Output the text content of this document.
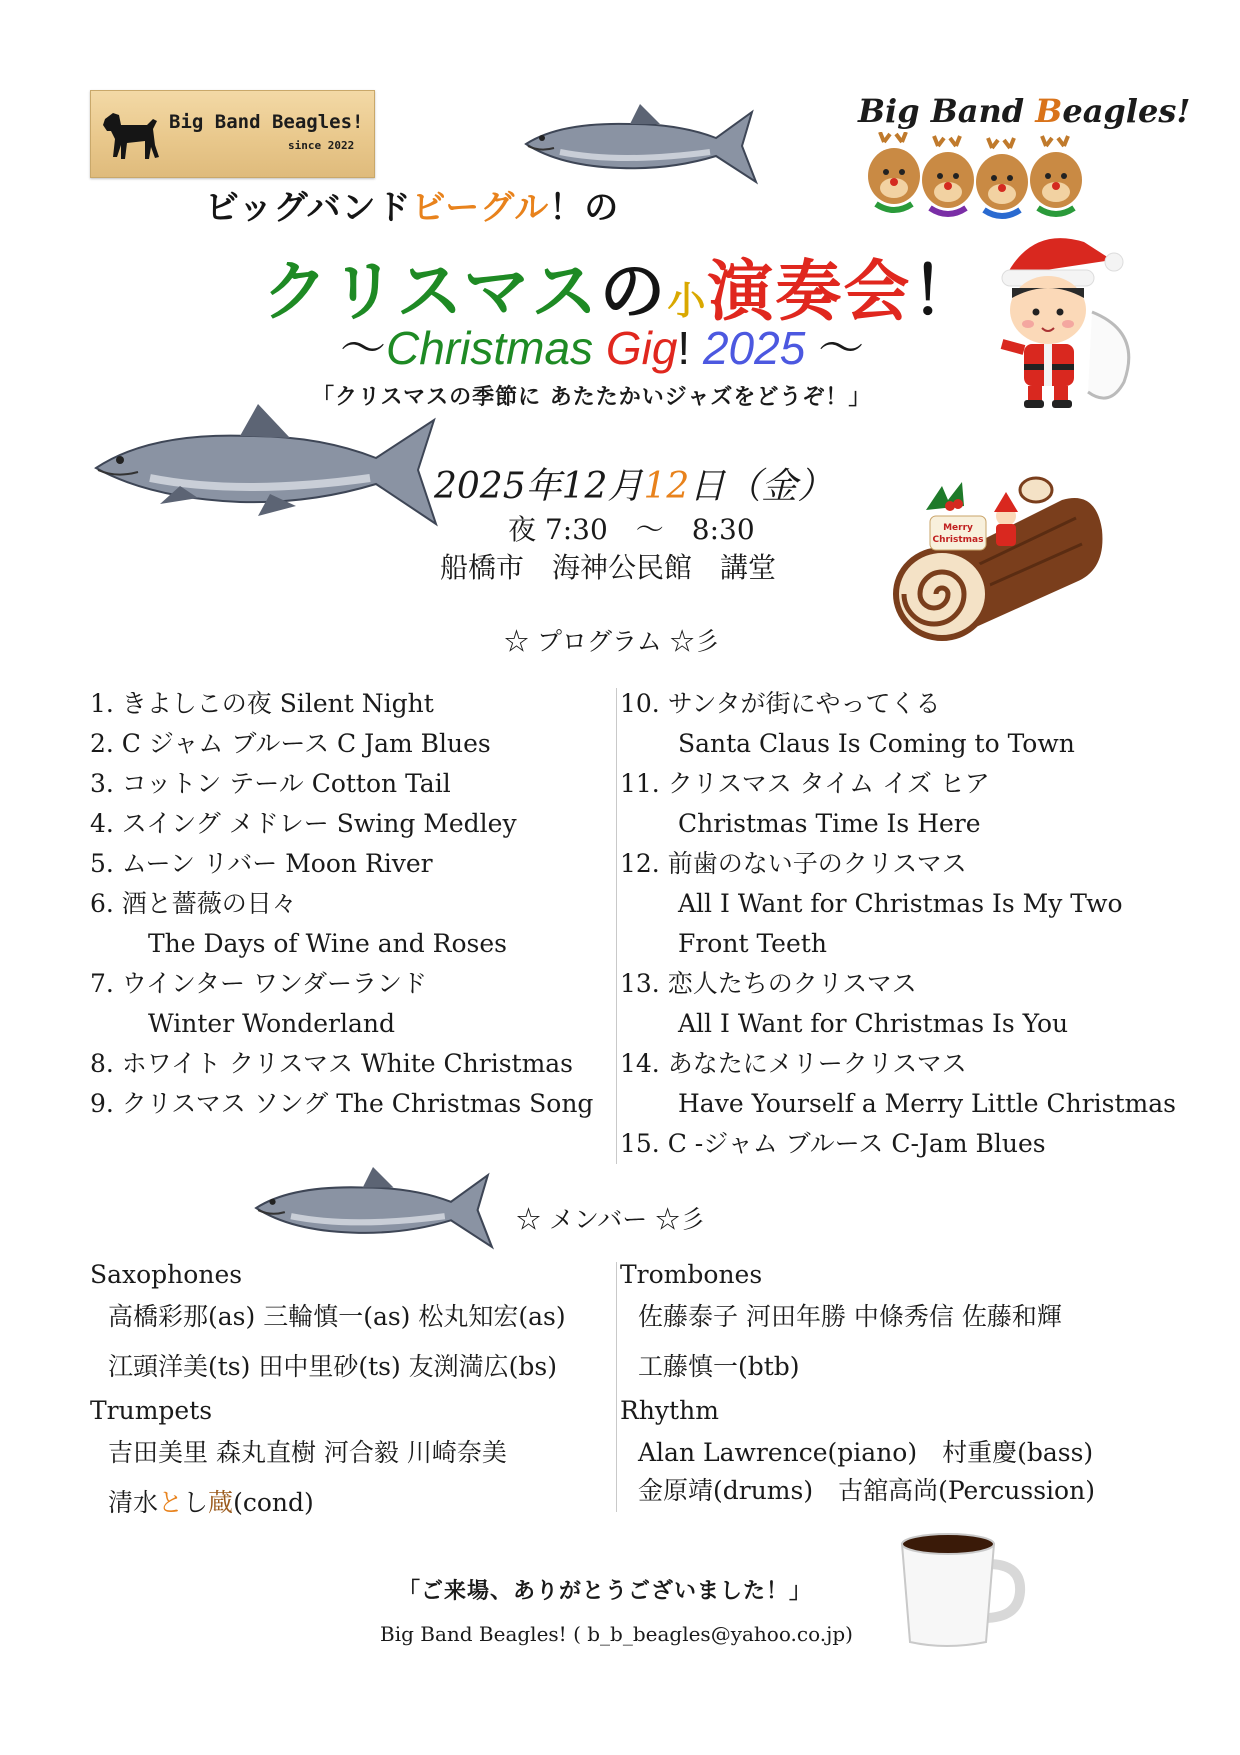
Big Band Beagles!
since 2022
Big Band Beagles!
ビッグバンドビーグル！の
クリスマスの小演奏会！
〜Christmas Gig! 2025 〜
「クリスマスの季節に あたたかいジャズをどうぞ！」
2025年12月12日（金）
夜 7:30　〜　8:30
船橋市　海神公民館　講堂
Merry
Christmas
☆ プログラム ☆彡
1. きよしこの夜 Silent Night
2. C ジャム ブルース C Jam Blues
3. コットン テール Cotton Tail
4. スイング メドレー Swing Medley
5. ムーン リバー Moon River
6. 酒と薔薇の日々
The Days of Wine and Roses
7. ウインター ワンダーランド
Winter Wonderland
8. ホワイト クリスマス White Christmas
9. クリスマス ソング The Christmas Song
10. サンタが街にやってくる
Santa Claus Is Coming to Town
11. クリスマス タイム イズ ヒア
Christmas Time Is Here
12. 前歯のない子のクリスマス
All I Want for Christmas Is My Two
Front Teeth
13. 恋人たちのクリスマス
All I Want for Christmas Is You
14. あなたにメリークリスマス
Have Yourself a Merry Little Christmas
15. C -ジャム ブルース C-Jam Blues
☆ メンバー ☆彡
Saxophones
高橋彩那(as) 三輪慎一(as) 松丸知宏(as)
江頭洋美(ts) 田中里砂(ts) 友渕満広(bs)
Trumpets
吉田美里 森丸直樹 河合毅 川崎奈美
清水とし蔵(cond)
Trombones
佐藤泰子 河田年勝 中條秀信 佐藤和輝
工藤慎一(btb)
Rhythm
Alan Lawrence(piano)　村重慶(bass)
金原靖(drums)　古舘高尚(Percussion)
「ご来場、ありがとうございました！」
Big Band Beagles! ( b_b_beagles@yahoo.co.jp)
